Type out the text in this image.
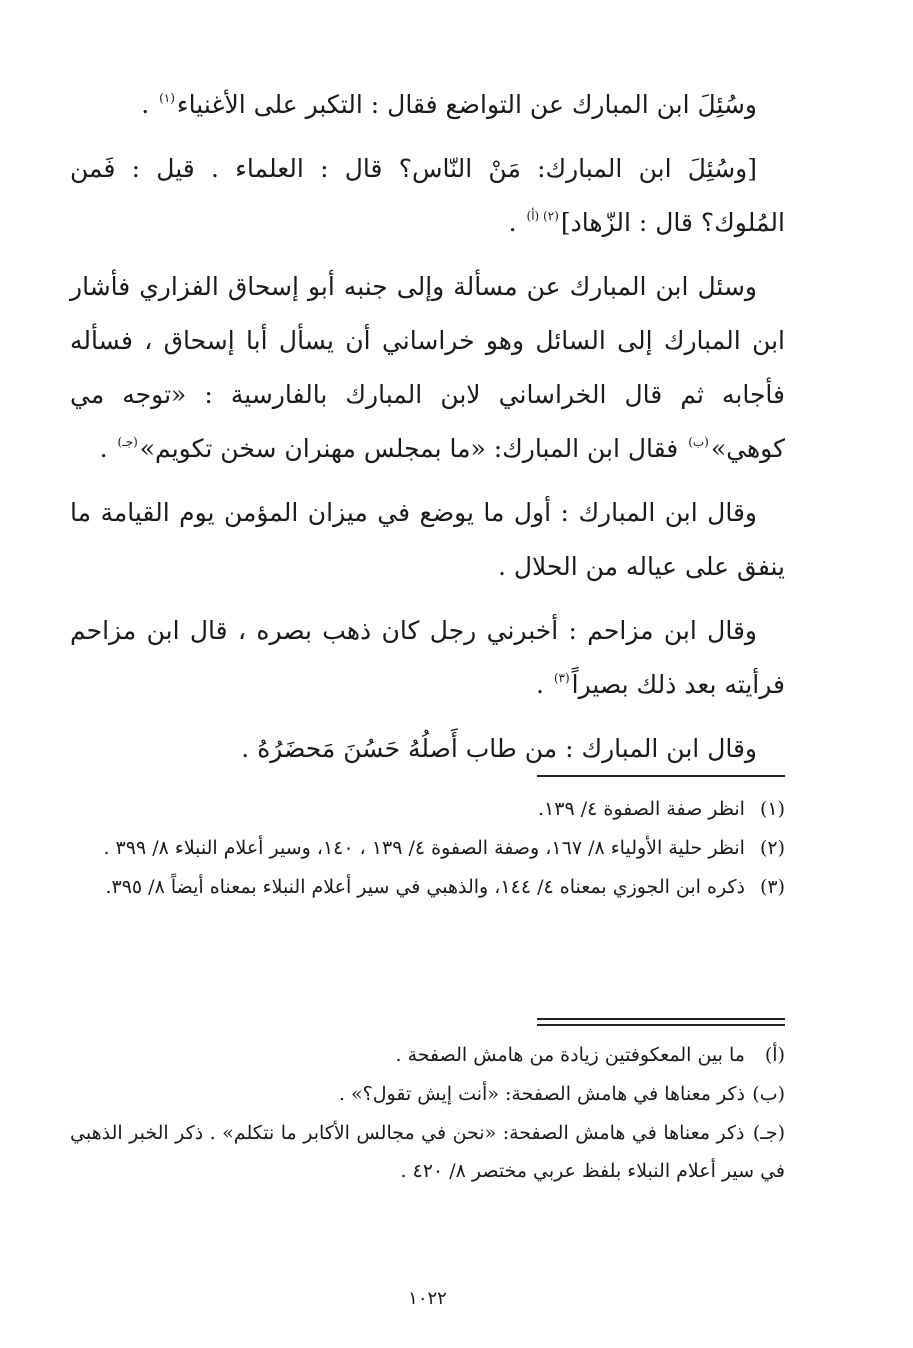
وسُئِلَ ابن المبارك عن التواضع فقال : التكبر على الأغنياء$^{(١)}$ .

[وسُئِلَ ابن المبارك: مَنْ النّاس؟ قال : العلماء . قيل : فَمن المُلوك؟ قال : الزّهاد]$^{(٢) (أ)}$ .

وسئل ابن المبارك عن مسألة وإلى جنبه أبو إسحاق الفزاري فأشار ابن المبارك إلى السائل وهو خراساني أن يسأل أبا إسحاق ، فسأله فأجابه ثم قال الخراساني لابن المبارك بالفارسية : «توجه مي كوهي»$^{(ب)}$ فقال ابن المبارك: «ما بمجلس مهنران سخن تكويم»$^{(جـ)}$ .

وقال ابن المبارك : أول ما يوضع في ميزان المؤمن يوم القيامة ما ينفق على عياله من الحلال .

وقال ابن مزاحم : أخبرني رجل كان ذهب بصره ، قال ابن مزاحم فرأيته بعد ذلك بصيراً$^{(٣)}$ .

وقال ابن المبارك : من طاب أَصلُهُ حَسُنَ مَحضَرُهُ .

(١) انظر صفة الصفوة ٤/ ١٣٩.
(٢) انظر حلية الأولياء ٨/ ١٦٧، وصفة الصفوة ٤/ ١٣٩ ، ١٤٠، وسير أعلام النبلاء ٨/ ٣٩٩ .
(٣) ذكره ابن الجوزي بمعناه ٤/ ١٤٤، والذهبي في سير أعلام النبلاء بمعناه أيضاً ٨/ ٣٩٥.
(أ) ما بين المعكوفتين زيادة من هامش الصفحة .
(ب) ذكر معناها في هامش الصفحة: «أنت إيش تقول؟» .
(جـ) ذكر معناها في هامش الصفحة: «نحن في مجالس الأكابر ما نتكلم» . ذكر الخبر الذهبي في سير أعلام النبلاء بلفظ عربي مختصر ٨/ ٤٢٠ .
١٠٢٢
